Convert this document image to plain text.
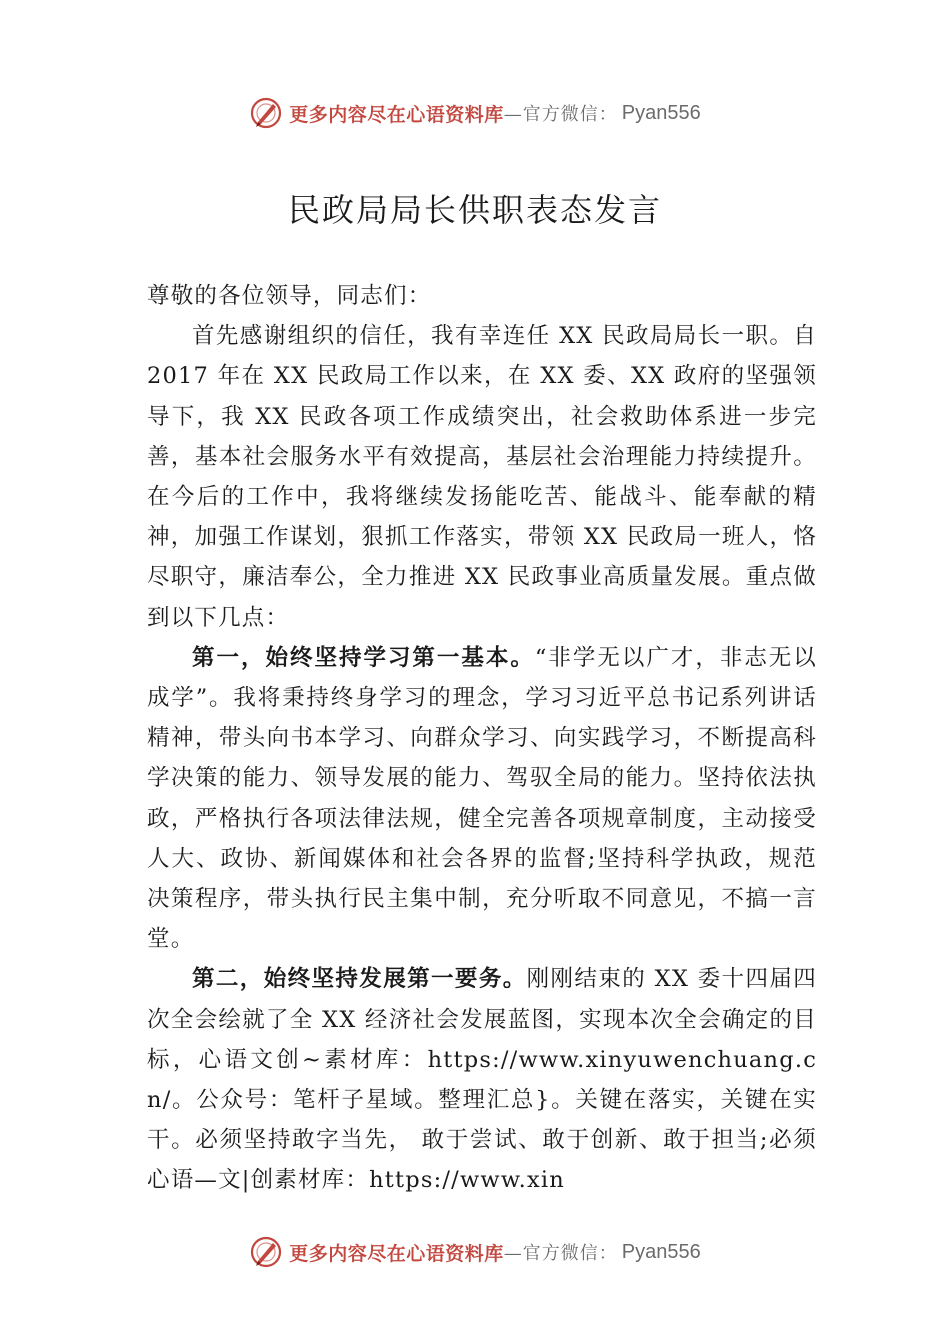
更多内容尽在心语资料库 —官方微信： Pyan556
民政局局长供职表态发言

尊敬的各位领导，同志们：

首先感谢组织的信任，我有幸连任 XX 民政局局长一职。自 2017 年在 XX 民政局工作以来，在 XX 委、XX 政府的坚强领导下，我 XX 民政各项工作成绩突出，社会救助体系进一步完善，基本社会服务水平有效提高，基层社会治理能力持续提升。在今后的工作中，我将继续发扬能吃苦、能战斗、能奉献的精神，加强工作谋划，狠抓工作落实，带领 XX 民政局一班人，恪尽职守，廉洁奉公，全力推进 XX 民政事业高质量发展。重点做到以下几点：

第一，始终坚持学习第一基本。“非学无以广才，非志无以成学”。我将秉持终身学习的理念，学习习近平总书记系列讲话精神，带头向书本学习、向群众学习、向实践学习，不断提高科学决策的能力、领导发展的能力、驾驭全局的能力。坚持依法执政，严格执行各项法律法规，健全完善各项规章制度，主动接受人大、政协、新闻媒体和社会各界的监督;坚持科学执政，规范决策程序，带头执行民主集中制，充分听取不同意见，不搞一言堂。

第二，始终坚持发展第一要务。刚刚结束的 XX 委十四届四次全会绘就了全 XX 经济社会发展蓝图，实现本次全会确定的目标，心语文创~素材库：https://www.xinyuwenchuang.cn/。公众号：笔杆子星域。整理汇总}。关键在落实，关键在实干。必须坚持敢字当先， 敢于尝试、敢于创新、敢于担当;必须心语—文|创素材库：https://www.xin

更多内容尽在心语资料库 —官方微信： Pyan556
